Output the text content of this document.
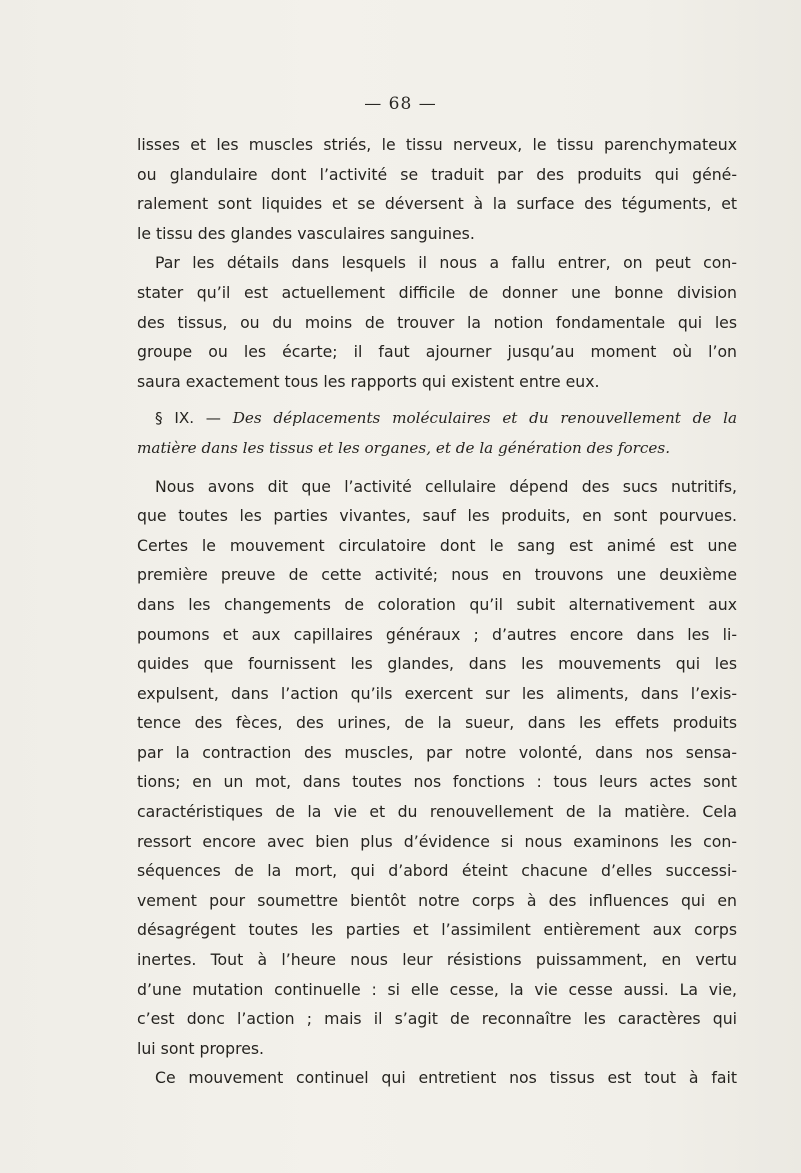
— 68 —
lisses et les muscles striés, le tissu nerveux, le tissu parenchymateux
ou glandulaire dont l’activité se traduit par des produits qui géné-
ralement sont liquides et se déversent à la surface des téguments, et
le tissu des glandes vasculaires sanguines.
Par les détails dans lesquels il nous a fallu entrer, on peut con-
stater qu’il est actuellement difficile de donner une bonne division
des tissus, ou du moins de trouver la notion fondamentale qui les
groupe ou les écarte; il faut ajourner jusqu’au moment où l’on
saura exactement tous les rapports qui existent entre eux.
§ IX. — Des déplacements moléculaires et du renouvellement de la
matière dans les tissus et les organes, et de la génération des forces.
Nous avons dit que l’activité cellulaire dépend des sucs nutritifs,
que toutes les parties vivantes, sauf les produits, en sont pourvues.
Certes le mouvement circulatoire dont le sang est animé est une
première preuve de cette activité; nous en trouvons une deuxième
dans les changements de coloration qu’il subit alternativement aux
poumons et aux capillaires généraux ; d’autres encore dans les li-
quides que fournissent les glandes, dans les mouvements qui les
expulsent, dans l’action qu’ils exercent sur les aliments, dans l’exis-
tence des fèces, des urines, de la sueur, dans les effets produits
par la contraction des muscles, par notre volonté, dans nos sensa-
tions; en un mot, dans toutes nos fonctions : tous leurs actes sont
caractéristiques de la vie et du renouvellement de la matière. Cela
ressort encore avec bien plus d’évidence si nous examinons les con-
séquences de la mort, qui d’abord éteint chacune d’elles successi-
vement pour soumettre bientôt notre corps à des influences qui en
désagrégent toutes les parties et l’assimilent entièrement aux corps
inertes. Tout à l’heure nous leur résistions puissamment, en vertu
d’une mutation continuelle : si elle cesse, la vie cesse aussi. La vie,
c’est donc l’action ; mais il s’agit de reconnaître les caractères qui
lui sont propres.
Ce mouvement continuel qui entretient nos tissus est tout à fait
